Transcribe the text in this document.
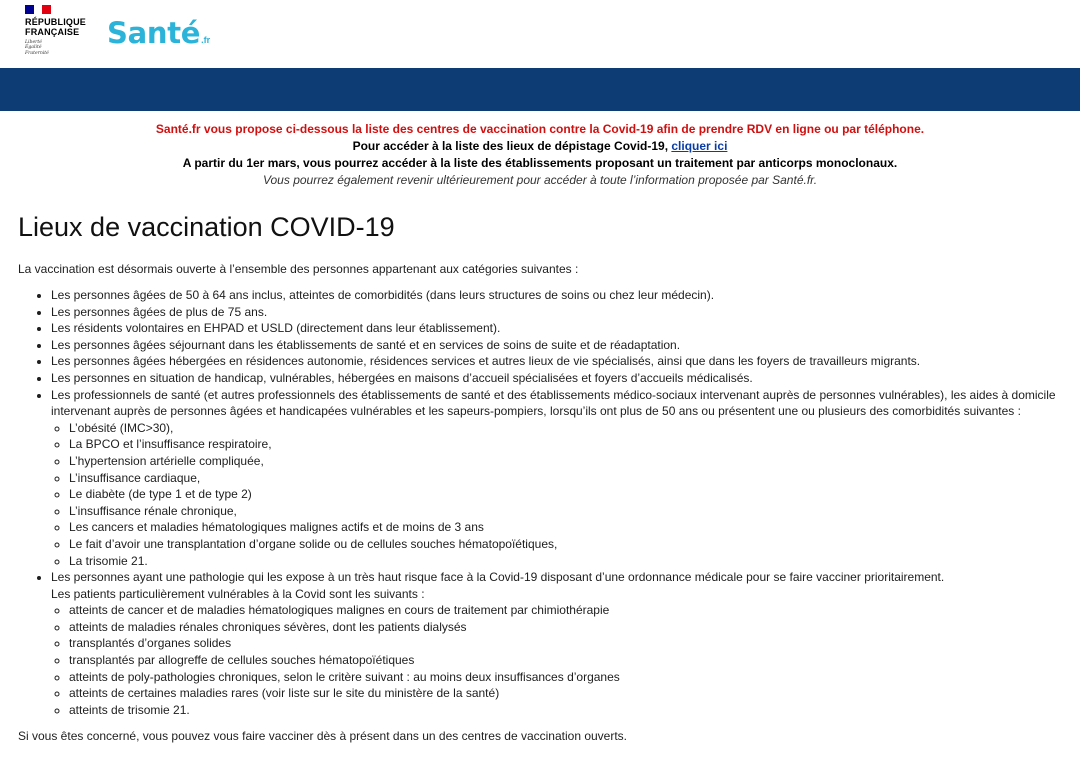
RÉPUBLIQUE
FRANÇAISE
Liberté
Égalité
Fraternité
Santé.fr
Santé.fr vous propose ci-dessous la liste des centres de vaccination contre la Covid-19 afin de prendre RDV en ligne ou par téléphone.
Pour accéder à la liste des lieux de dépistage Covid-19, cliquer ici
A partir du 1er mars, vous pourrez accéder à la liste des établissements proposant un traitement par anticorps monoclonaux.
Vous pourrez également revenir ultérieurement pour accéder à toute l’information proposée par Santé.fr.
Lieux de vaccination COVID-19
La vaccination est désormais ouverte à l’ensemble des personnes appartenant aux catégories suivantes :
• Les personnes âgées de 50 à 64 ans inclus, atteintes de comorbidités (dans leurs structures de soins ou chez leur médecin).
• Les personnes âgées de plus de 75 ans.
• Les résidents volontaires en EHPAD et USLD (directement dans leur établissement).
• Les personnes âgées séjournant dans les établissements de santé et en services de soins de suite et de réadaptation.
• Les personnes âgées hébergées en résidences autonomie, résidences services et autres lieux de vie spécialisés, ainsi que dans les foyers de travailleurs migrants.
• Les personnes en situation de handicap, vulnérables, hébergées en maisons d’accueil spécialisées et foyers d’accueils médicalisés.
• Les professionnels de santé (et autres professionnels des établissements de santé et des établissements médico-sociaux intervenant auprès de personnes vulnérables), les aides à domicile intervenant auprès de personnes âgées et handicapées vulnérables et les sapeurs-pompiers, lorsqu’ils ont plus de 50 ans ou présentent une ou plusieurs des comorbidités suivantes :
◦ L’obésité (IMC>30),
◦ La BPCO et l’insuffisance respiratoire,
◦ L’hypertension artérielle compliquée,
◦ L’insuffisance cardiaque,
◦ Le diabète (de type 1 et de type 2)
◦ L’insuffisance rénale chronique,
◦ Les cancers et maladies hématologiques malignes actifs et de moins de 3 ans
◦ Le fait d’avoir une transplantation d’organe solide ou de cellules souches hématopoïétiques,
◦ La trisomie 21.
• Les personnes ayant une pathologie qui les expose à un très haut risque face à la Covid-19 disposant d’une ordonnance médicale pour se faire vacciner prioritairement.
Les patients particulièrement vulnérables à la Covid sont les suivants :
◦ atteints de cancer et de maladies hématologiques malignes en cours de traitement par chimiothérapie
◦ atteints de maladies rénales chroniques sévères, dont les patients dialysés
◦ transplantés d’organes solides
◦ transplantés par allogreffe de cellules souches hématopoïétiques
◦ atteints de poly-pathologies chroniques, selon le critère suivant : au moins deux insuffisances d’organes
◦ atteints de certaines maladies rares (voir liste sur le site du ministère de la santé)
◦ atteints de trisomie 21.
Si vous êtes concerné, vous pouvez vous faire vacciner dès à présent dans un des centres de vaccination ouverts.
